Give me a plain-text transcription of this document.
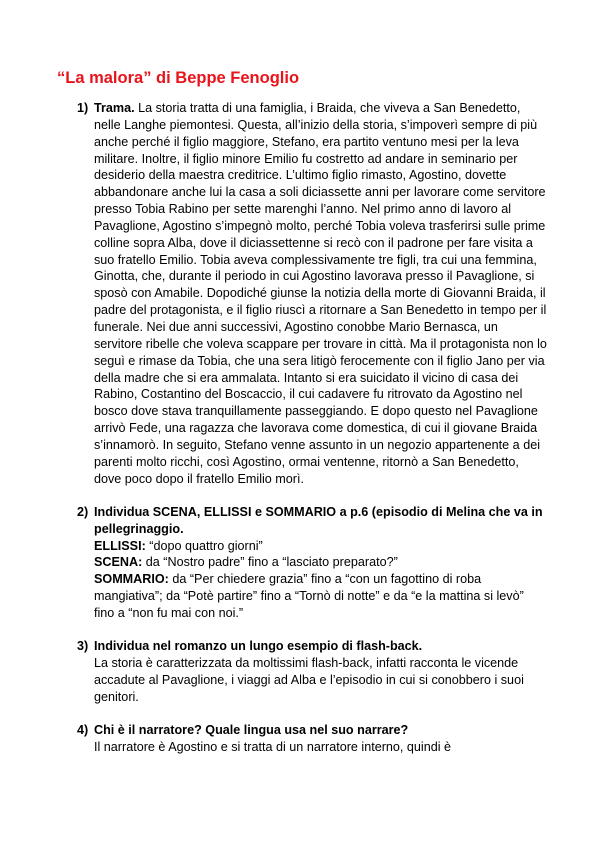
“La malora” di Beppe Fenoglio
1) Trama. La storia tratta di una famiglia, i Braida, che viveva a San Benedetto, nelle Langhe piemontesi. Questa, all’inizio della storia, s’impoverì sempre di più anche perché il figlio maggiore, Stefano, era partito ventuno mesi per la leva militare. Inoltre, il figlio minore Emilio fu costretto ad andare in seminario per desiderio della maestra creditrice. L’ultimo figlio rimasto, Agostino, dovette abbandonare anche lui la casa a soli diciassette anni per lavorare come servitore presso Tobia Rabino per sette marenghi l’anno. Nel primo anno di lavoro al Pavaglione, Agostino s’impegnò molto, perché Tobia voleva trasferirsi sulle prime colline sopra Alba, dove il diciassettenne si recò con il padrone per fare visita a suo fratello Emilio. Tobia aveva complessivamente tre figli, tra cui una femmina, Ginotta, che, durante il periodo in cui Agostino lavorava presso il Pavaglione, si sposò con Amabile. Dopodiché giunse la notizia della morte di Giovanni Braida, il padre del protagonista, e il figlio riuscì a ritornare a San Benedetto in tempo per il funerale. Nei due anni successivi, Agostino conobbe Mario Bernasca, un servitore ribelle che voleva scappare per trovare in città. Ma il protagonista non lo seguì e rimase da Tobia, che una sera litigò ferocemente con il figlio Jano per via della madre che si era ammalata. Intanto si era suicidato il vicino di casa dei Rabino, Costantino del Boscaccio, il cui cadavere fu ritrovato da Agostino nel bosco dove stava tranquillamente passeggiando. E dopo questo nel Pavaglione arrivò Fede, una ragazza che lavorava come domestica, di cui il giovane Braida s’innamorò. In seguito, Stefano venne assunto in un negozio appartenente a dei parenti molto ricchi, così Agostino, ormai ventenne, ritornò a San Benedetto, dove poco dopo il fratello Emilio morì.

2) Individua SCENA, ELLISSI e SOMMARIO a p.6 (episodio di Melina che va in pellegrinaggio.

ELLISSI: “dopo quattro giorni”

SCENA: da “Nostro padre” fino a “lasciato preparato?”

SOMMARIO: da “Per chiedere grazia” fino a “con un fagottino di roba mangiativa”; da “Potè partire” fino a “Tornò di notte” e da “e la mattina si levò” fino a “non fu mai con noi.”

3) Individua nel romanzo un lungo esempio di flash-back.

La storia è caratterizzata da moltissimi flash-back, infatti racconta le vicende accadute al Pavaglione, i viaggi ad Alba e l’episodio in cui si conobbero i suoi genitori.

4) Chi è il narratore? Quale lingua usa nel suo narrare?

Il narratore è Agostino e si tratta di un narratore interno, quindi è
